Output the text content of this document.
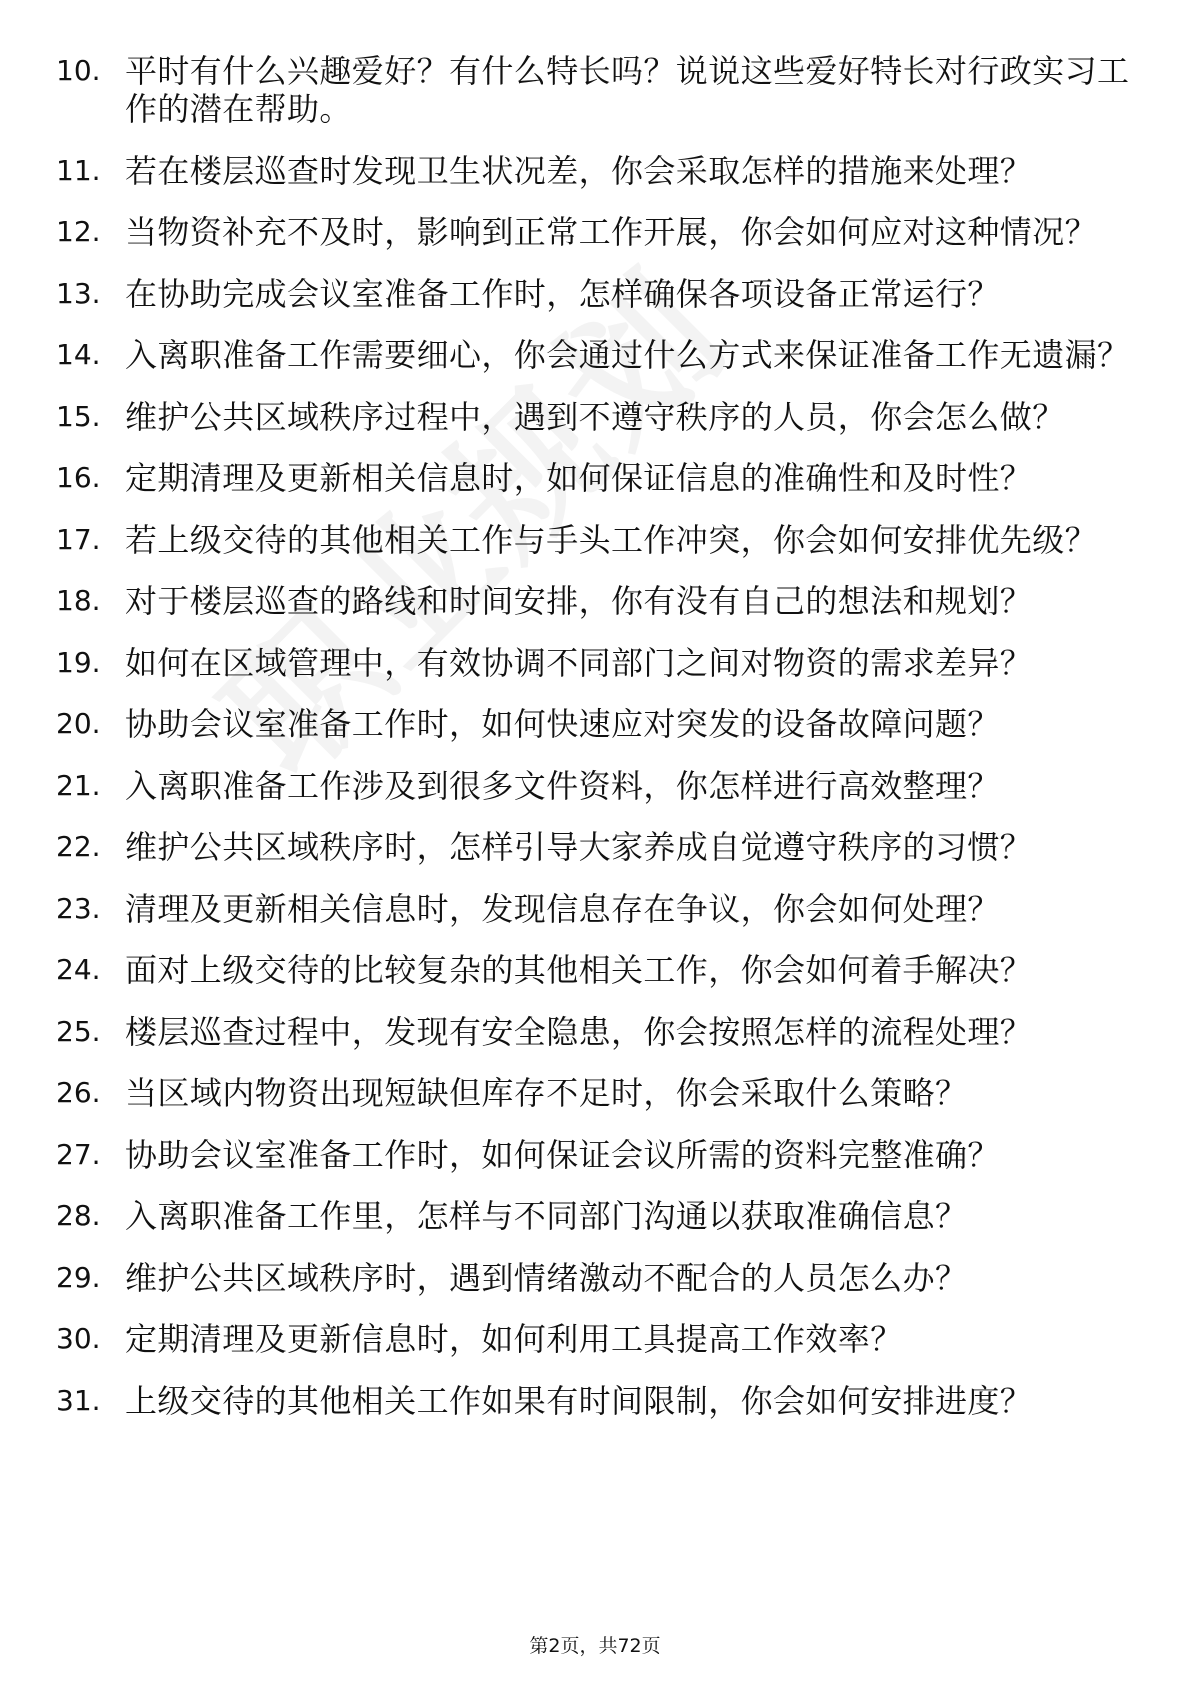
10. 平时有什么兴趣爱好？有什么特长吗？说说这些爱好特长对行政实习工作的潜在帮助。
11. 若在楼层巡查时发现卫生状况差，你会采取怎样的措施来处理？
12. 当物资补充不及时，影响到正常工作开展，你会如何应对这种情况？
13. 在协助完成会议室准备工作时，怎样确保各项设备正常运行？
14. 入离职准备工作需要细心，你会通过什么方式来保证准备工作无遗漏？
15. 维护公共区域秩序过程中，遇到不遵守秩序的人员，你会怎么做？
16. 定期清理及更新相关信息时，如何保证信息的准确性和及时性？
17. 若上级交待的其他相关工作与手头工作冲突，你会如何安排优先级？
18. 对于楼层巡查的路线和时间安排，你有没有自己的想法和规划？
19. 如何在区域管理中，有效协调不同部门之间对物资的需求差异？
20. 协助会议室准备工作时，如何快速应对突发的设备故障问题？
21. 入离职准备工作涉及到很多文件资料，你怎样进行高效整理？
22. 维护公共区域秩序时，怎样引导大家养成自觉遵守秩序的习惯？
23. 清理及更新相关信息时，发现信息存在争议，你会如何处理？
24. 面对上级交待的比较复杂的其他相关工作，你会如何着手解决？
25. 楼层巡查过程中，发现有安全隐患，你会按照怎样的流程处理？
26. 当区域内物资出现短缺但库存不足时，你会采取什么策略？
27. 协助会议室准备工作时，如何保证会议所需的资料完整准确？
28. 入离职准备工作里，怎样与不同部门沟通以获取准确信息？
29. 维护公共区域秩序时，遇到情绪激动不配合的人员怎么办？
30. 定期清理及更新信息时，如何利用工具提高工作效率？
31. 上级交待的其他相关工作如果有时间限制，你会如何安排进度？
第2页，共72页
